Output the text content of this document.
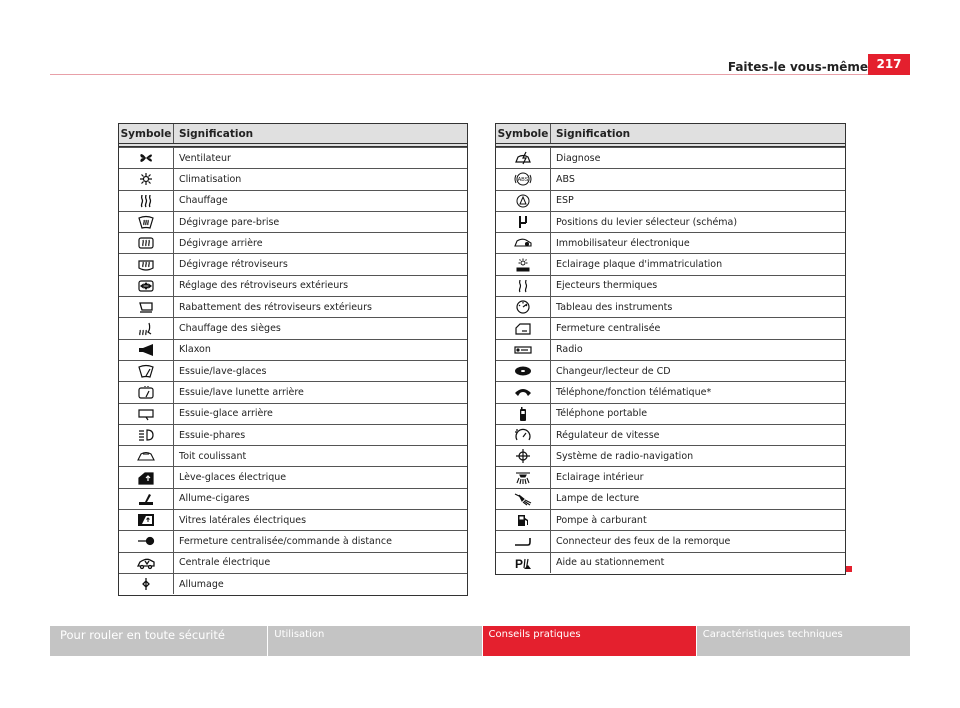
Faites-le vous-même 217
Symbole Signification
Ventilateur
Climatisation
Chauffage
Dégivrage pare-brise
Dégivrage arrière
Dégivrage rétroviseurs
Réglage des rétroviseurs extérieurs
Rabattement des rétroviseurs extérieurs
Chauffage des sièges
Klaxon
Essuie/lave-glaces
Essuie/lave lunette arrière
Essuie-glace arrière
Essuie-phares
Toit coulissant
Lève-glaces électrique
Allume-cigares
Vitres latérales électriques
Fermeture centralisée/commande à distance
Centrale électrique
Allumage
Symbole Signification
Diagnose
ABS	ABS
ESP
Positions du levier sélecteur (schéma)
Immobilisateur électronique
Eclairage plaque d'immatriculation
Ejecteurs thermiques
Tableau des instruments
Fermeture centralisée
Radio
Changeur/lecteur de CD
Téléphone/fonction télématique*
Téléphone portable
Régulateur de vitesse
Système de radio-navigation
Eclairage intérieur
Lampe de lecture
Pompe à carburant
Connecteur des feux de la remorque
P	Aide au stationnement
Pour rouler en toute sécurité	Utilisation	Conseils pratiques	Caractéristiques techniques
